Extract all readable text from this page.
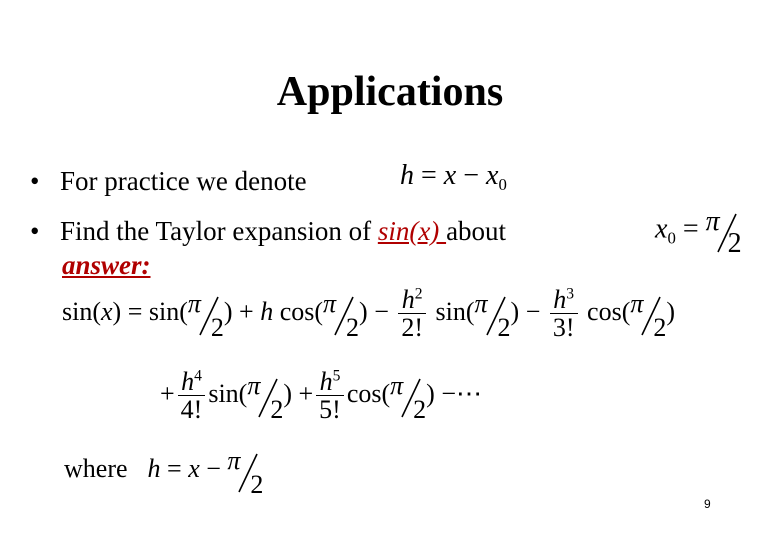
Applications
• For practice we denote	$h = x - x_0$
• Find the Taylor expansion of sin(x) about	$x_0 = \pi$
2
answer:
sin(x) = sin( π
2
) + h cos( π
2
) − $\frac{h^2}{2!} \sin$( π
2
) − $\frac{h^3}{3!} \cos$( π
2
)
+ $\frac{h^4}{4!} \sin$( π
2
) + $\frac{h^5}{5!} \cos$( π
2
) −⋯
where h = x − π
2
9
